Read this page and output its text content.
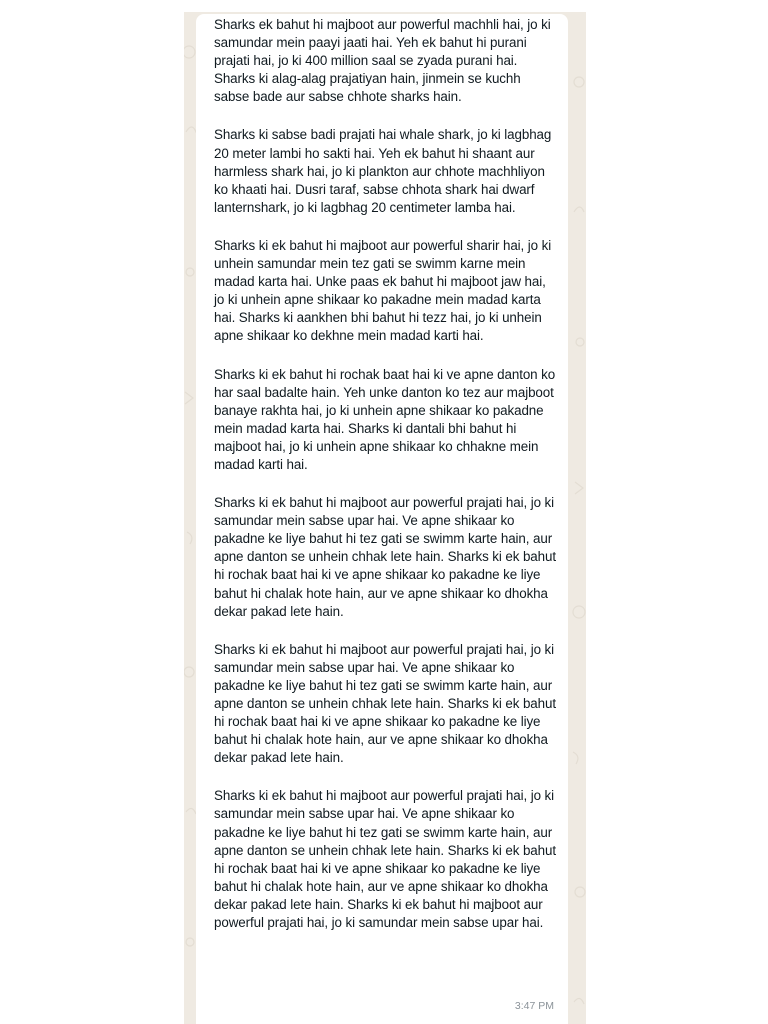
Sharks ek bahut hi majboot aur powerful machhli hai, jo ki samundar mein paayi jaati hai. Yeh ek bahut hi purani prajati hai, jo ki 400 million saal se zyada purani hai. Sharks ki alag-alag prajatiyan hain, jinmein se kuchh sabse bade aur sabse chhote sharks hain.

Sharks ki sabse badi prajati hai whale shark, jo ki lagbhag 20 meter lambi ho sakti hai. Yeh ek bahut hi shaant aur harmless shark hai, jo ki plankton aur chhote machhliyon ko khaati hai. Dusri taraf, sabse chhota shark hai dwarf lanternshark, jo ki lagbhag 20 centimeter lamba hai.

Sharks ki ek bahut hi majboot aur powerful sharir hai, jo ki unhein samundar mein tez gati se swimm karne mein madad karta hai. Unke paas ek bahut hi majboot jaw hai, jo ki unhein apne shikaar ko pakadne mein madad karta hai. Sharks ki aankhen bhi bahut hi tezz hai, jo ki unhein apne shikaar ko dekhne mein madad karti hai.

Sharks ki ek bahut hi rochak baat hai ki ve apne danton ko har saal badalte hain. Yeh unke danton ko tez aur majboot banaye rakhta hai, jo ki unhein apne shikaar ko pakadne mein madad karta hai. Sharks ki dantali bhi bahut hi majboot hai, jo ki unhein apne shikaar ko chhakne mein madad karti hai.

Sharks ki ek bahut hi majboot aur powerful prajati hai, jo ki samundar mein sabse upar hai. Ve apne shikaar ko pakadne ke liye bahut hi tez gati se swimm karte hain, aur apne danton se unhein chhak lete hain. Sharks ki ek bahut hi rochak baat hai ki ve apne shikaar ko pakadne ke liye bahut hi chalak hote hain, aur ve apne shikaar ko dhokha dekar pakad lete hain.

Sharks ki ek bahut hi majboot aur powerful prajati hai, jo ki samundar mein sabse upar hai. Ve apne shikaar ko pakadne ke liye bahut hi tez gati se swimm karte hain, aur apne danton se unhein chhak lete hain. Sharks ki ek bahut hi rochak baat hai ki ve apne shikaar ko pakadne ke liye bahut hi chalak hote hain, aur ve apne shikaar ko dhokha dekar pakad lete hain.

Sharks ki ek bahut hi majboot aur powerful prajati hai, jo ki samundar mein sabse upar hai. Ve apne shikaar ko pakadne ke liye bahut hi tez gati se swimm karte hain, aur apne danton se unhein chhak lete hain. Sharks ki ek bahut hi rochak baat hai ki ve apne shikaar ko pakadne ke liye bahut hi chalak hote hain, aur ve apne shikaar ko dhokha dekar pakad lete hain. Sharks ki ek bahut hi majboot aur powerful prajati hai, jo ki samundar mein sabse upar hai.

3:47 PM
